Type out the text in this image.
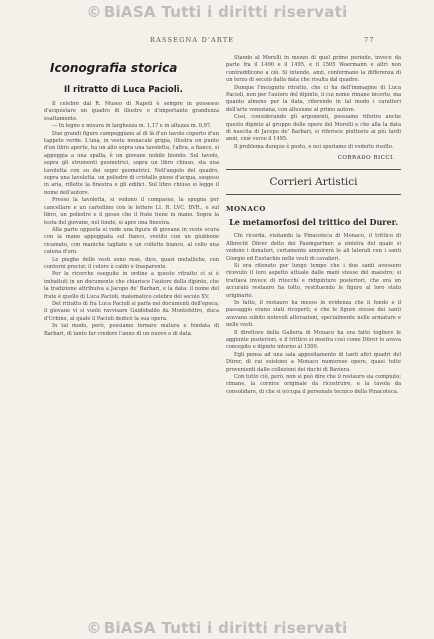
© BiASA Tutti i diritti riservati
RASSEGNA D'ARTE	77
Iconografia storica
Il ritratto di Luca Pacioli.

Il celebre dal R. Museo di Napoli è sempre in possesso d'acquistare un quadro di illustre e d'importante grandezza esattamente.

— In legno e misura in larghezza m. 1,17 e in altezza m. 0,97.

Due grandi figure campeggiano al di là d'un tavolo coperto d'un tappeto verde. L'una, in veste monacale grigia, illustra un punto d'un libro aperto, ha un alto sopra una tavoletta, l'altra, a fianco, si appoggia a una spalla, è un giovane nobile biondo. Sul tavolo, sopra gli strumenti geometrici, sopra un libro chiuso, sta una tavoletta con su dei segni geometrici. Nell'angolo del quadro, sopra una tavoletta, un poliedro di cristallo pieno d'acqua, sospeso in aria, riflette la finestra e gli edifici. Sul libro chiuso si legge il nome dell'autore.

Presso la tavoletta, si vedono il compasso, la spugna per cancellare e un cartellino con le lettere LI. R. LVC. BVR., e sul libro, un poliedro e il gesso che il frate tiene in mano. Sopra la testa del giovane, nel fondo, si apre una finestra.

Alla parte opposta si vede una figura di giovane in veste scura con la mano appoggiata sul fianco, vestito con un giubbone ricamato, con maniche tagliate e un colletto bianco, al collo una catena d'oro.

Le pieghe delle vesti sono rese, dice, quasi metalliche, con contorni precisi; il colore è caldo e trasparente.

Per le ricerche eseguite in ordine a questo ritratto ci si è imbattuti in un documento che chiarisce l'autore della dipinto, che la tradizione attribuiva a Jacopo de' Barbari, e la data: il nome del frate è quello di Luca Pacioli, matematico celebre del secolo XV.

Del ritratto di fra Luca Pacioli si parla nei documenti dell'epoca; il giovane vi si vuole ravvisare Guidobaldo da Montefeltro, duca d'Urbino, al quale il Pacioli dedicò la sua opera.

In tal modo, però, possiamo tornare matura e fondata di Barbari, di tanto far credere l'anno di un nuovo e di data.

Stando al Morelli in mezzo di quel primo periodo, invece da parte fra il 1490 e il 1495, e il 1505 Woermann e altri non contraddicono a ciò. Si intende, anzi, confermano la differenza di un terzo di secolo dalla data che risulta dal quadro.

Dunque l'incognito ritratto, che ci ha dell'immagine di Luca Pacioli, non per l'autore del dipinto, il cui nome rimane incerto, ma quanto almeno per la data, riferendo in tal modo i caratteri dell'arte veneziana, con allusione al primo autore.

Così, considerando gli argomenti, possiamo riferire anche questo dipinto al gruppo delle opere del Morelli e che alla la data di nascita di Jacopo de' Barbari, si riferisce piuttosto ai più tardi anni, cioè verso il 1495.

Il problema dunque è posto, e noi speriamo di vederlo risolto.

CORRADO RICCI.
Corrieri Artistici
MONACO
Le metamorfosi del trittico del Durer.

Chi ricorda, visitando la Pinacoteca di Monaco, il trittico di Albrecht Dürer detto dei Paumgartner, a sinistra del quale si vedono i donatori, certamente ammirerà le ali laterali con i santi Giorgio ed Eustachio nelle vesti di cavalieri.

Si era ritenuto per lungo tempo che i due santi avessero ricevuto il loro aspetto attuale dalle mani stesse del maestro; si trattava invece di ritocchi e ridipinture posteriori, che ora un accurato restauro ha tolto, restituendo le figure al loro stato originario.

In fatto, il restauro ha messo in evidenza che il fondo e il paesaggio erano stati ricoperti, e che le figure stesse dei santi avevano subito notevoli alterazioni, specialmente nelle armature e nelle vesti.

Il direttore della Galleria di Monaco ha ora fatto togliere le aggiunte posteriori, e il trittico si mostra così come Dürer lo aveva concepito e dipinto intorno al 1500.

Egli pensa ad una sala appositamente di tanti altri quadri del Dürer, di cui esistono a Monaco numerose opere, quasi tutte provenienti dalle collezioni dei duchi di Baviera.

Con tutto ciò, però, non si può dire che il restauro sia compiuto: rimane, la cornice originale da ricostruire, e la tavola da consolidare, di che si occupa il personale tecnico della Pinacoteca.

© BiASA Tutti i diritti riservati
